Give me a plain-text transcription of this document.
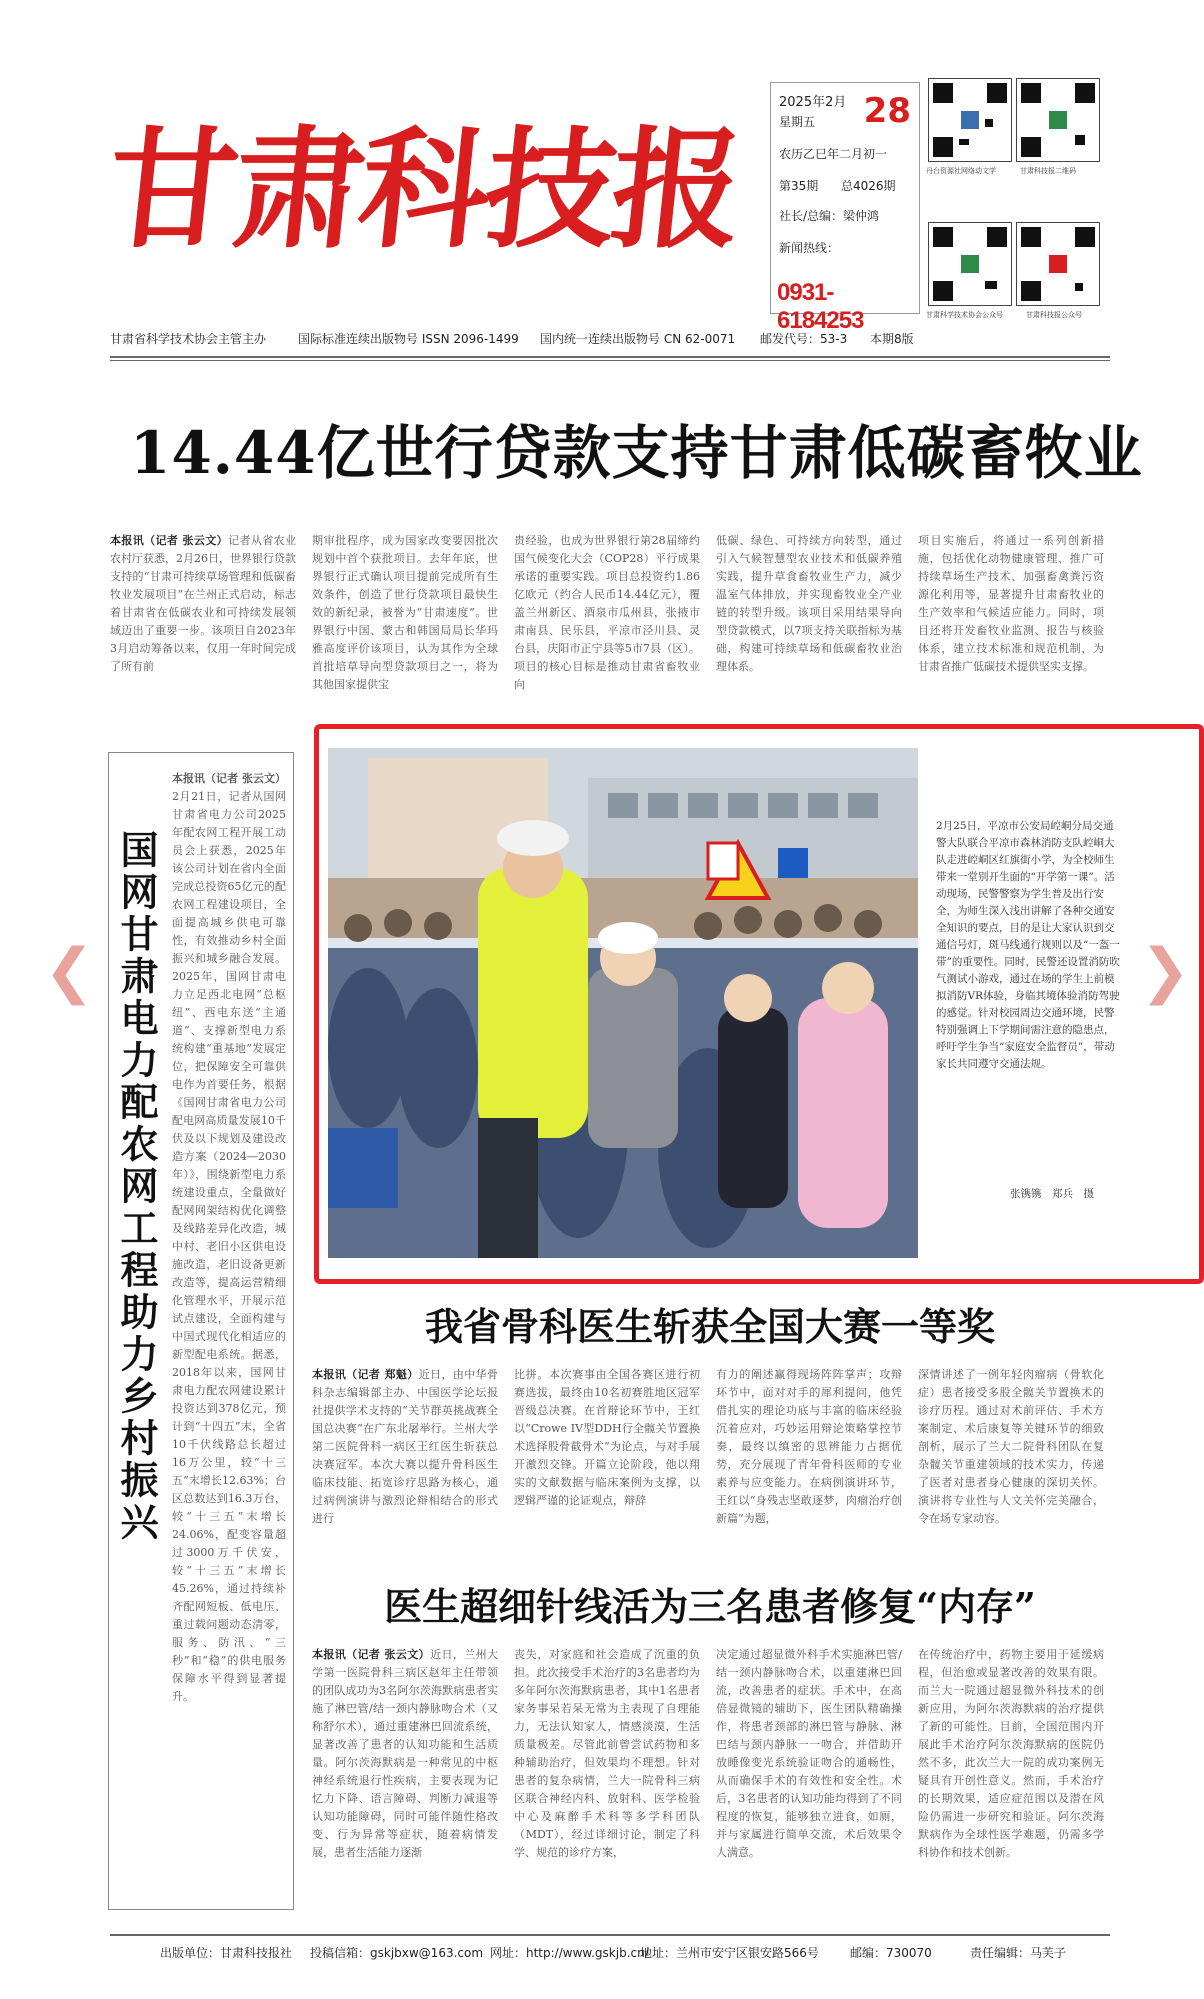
甘肃科技报
2025年2月 28
星期五
农历乙巳年二月初一
第35期 总4026期
社长/总编：梁仲鸿
新闻热线：
0931-6184253
丹台资源社网络动文学	甘肃科技报二维码
甘肃科学技术协会公众号	甘肃科技报公众号
甘肃省科学技术协会主管主办	国际标准连续出版物号 ISSN 2096-1499 国内统一连续出版物号 CN 62-0071 邮发代号：53-3 本期8版
14.44亿世行贷款支持甘肃低碳畜牧业
本报讯（记者 张云文）记者从省农业农村厅获悉，2月26日，世界银行贷款支持的“甘肃可持续草场管理和低碳畜牧业发展项目”在兰州正式启动，标志着甘肃省在低碳农业和可持续发展领域迈出了重要一步。该项目自2023年3月启动筹备以来，仅用一年时间完成了所有前
期审批程序，成为国家改变要因批次规划中首个获批项目。去年年底，世界银行正式确认项目提前完成所有生效条件，创造了世行贷款项目最快生效的新纪录，被誉为“甘肃速度”。世界银行中国、蒙古和韩国局局长华玛雅高度评价该项目，认为其作为全球首批培草导向型贷款项目之一，将为其他国家提供宝
贵经验，也成为世界银行第28届缔约国气候变化大会（COP28）平行成果承诺的重要实践。项目总投资约1.86亿欧元（约合人民币14.44亿元），覆盖兰州新区、酒泉市瓜州县，张掖市肃南县、民乐县，平凉市泾川县、灵台县，庆阳市正宁县等5市7县（区）。项目的核心目标是推动甘肃省畜牧业向
低碳、绿色、可持续方向转型，通过引入气候智慧型农业技术和低碳养殖实践，提升草食畜牧业生产力，减少温室气体排放，并实现畜牧业全产业链的转型升级。该项目采用结果导向型贷款模式，以7项支持关联指标为基础，构建可持续草场和低碳畜牧业治理体系。
项目实施后，将通过一系列创新措施，包括优化动物健康管理、推广可持续草场生产技术、加强畜禽粪污资源化利用等，显著提升甘肃畜牧业的生产效率和气候适应能力。同时，项目还将开发畜牧业监测、报告与核验体系，建立技术标准和规范机制，为甘肃省推广低碳技术提供坚实支撑。
国网甘肃电力配农网工程助力乡村振兴
本报讯（记者 张云文）2月21日，记者从国网甘肃省电力公司2025年配农网工程开展工动员会上获悉，2025年该公司计划在省内全面完成总投资65亿元的配农网工程建设项目，全面提高城乡供电可靠性，有效推动乡村全面振兴和城乡融合发展。2025年，国网甘肃电力立足西北电网“总枢纽”、西电东送“主通道”、支撑新型电力系统构建“重基地”发展定位，把保障安全可靠供电作为首要任务，根据《国网甘肃省电力公司配电网高质量发展10千伏及以下规划及建设改造方案（2024—2030年）》，围绕新型电力系统建设重点，全量做好配网网架结构优化调整及线路差异化改造，城中村、老旧小区供电设施改造，老旧设备更新改造等，提高运营精细化管理水平，开展示范试点建设，全面构建与中国式现代化相适应的新型配电系统。据悉，2018年以来，国网甘肃电力配农网建设累计投资达到378亿元，预计到“十四五”末，全省10千伏线路总长超过16万公里，较“十三五”末增长12.63%；台区总数达到16.3万台，较“十三五”末增长24.06%，配变容量超过3000万千伏安，较“十三五”末增长45.26%，通过持续补齐配网短板、低电压、重过载问题动态清零，服务、防汛、“三秒”和“稳”的供电服务保障水平得到显著提升。
2月25日，平凉市公安局崆峒分局交通警大队联合平凉市森林消防支队崆峒大队走进崆峒区红旗街小学，为全校师生带来一堂别开生面的“开学第一课”。活动现场，民警警察为学生普及出行安全，为师生深入浅出讲解了各种交通安全知识的要点，目的是让大家认识到交通信号灯，斑马线通行规则以及“一盔一带”的重要性。同时，民警还设置消防吹气测试小游戏，通过在场的学生上前模拟消防VR体验，身临其境体验消防驾驶的感觉。针对校园周边交通环境，民警特别强调上下学期间需注意的隐患点，呼吁学生争当“家庭安全监督员”，带动家长共同遵守交通法规。
张镌镌　郑兵　摄
❮	❯
我省骨科医生斩获全国大赛一等奖
本报讯（记者 郑魁）近日，由中华骨科杂志编辑部主办、中国医学论坛报社提供学术支持的“关节群英挑战赛全国总决赛”在广东北屠举行。兰州大学第二医院骨科一病区王红医生斩获总决赛冠军。本次大赛以提升骨科医生临床技能、拓宽诊疗思路为核心，通过病例演讲与激烈论辩相结合的形式进行
比拼。本次赛事由全国各赛区进行初赛选拔，最终由10名初赛胜地区冠军晋级总决赛。在首辩论环节中，王红以“Crowe IV型DDH行全髋关节置换术选择股骨截骨术”为论点，与对手展开激烈交锋。开篇立论阶段，他以翔实的文献数据与临床案例为支撑，以逻辑严谨的论证观点，辩辞
有力的阐述赢得现场阵阵掌声；攻辩环节中，面对对手的犀利提问，他凭借扎实的理论功底与丰富的临床经验沉着应对，巧妙运用辩论策略掌控节奏，最终以缜密的思辨能力占据优势，充分展现了青年骨科医师的专业素养与应变能力。在病例演讲环节，王红以“身残志坚敢逐梦，肉瘤治疗创新篇”为题，
深情讲述了一例年轻肉瘤病（骨软化症）患者接受多股全髋关节置换术的诊疗历程。通过对术前评估、手术方案制定、术后康复等关键环节的细致剖析，展示了兰大二院骨科团队在复杂髋关节重建领域的技术实力，传递了医者对患者身心健康的深切关怀。演讲将专业性与人文关怀完美融合，令在场专家动容。
医生超细针线活为三名患者修复“内存”
本报讯（记者 张云文）近日，兰州大学第一医院骨科三病区赵年主任带领的团队成功为3名阿尔茨海默病患者实施了淋巴管/结一颈内静脉吻合术（又称舒尔术），通过重建淋巴回流系统，显著改善了患者的认知功能和生活质量。阿尔茨海默病是一种常见的中枢神经系统退行性疾病，主要表现为记忆力下降、语言障碍、判断力减退等认知功能障碍，同时可能伴随性格改变、行为异常等症状，随着病情发展，患者生活能力逐渐
丧失，对家庭和社会造成了沉重的负担。此次接受手术治疗的3名患者均为多年阿尔茨海默病患者，其中1名患者家务事呆若呆无常为主表现了自理能力，无法认知家人，情感淡漠，生活质量极差。尽管此前曾尝试药物和多种辅助治疗，但效果均不理想。针对患者的复杂病情，兰大一院骨科三病区联合神经内科、放射科、医学检验中心及麻醉手术科等多学科团队（MDT），经过详细讨论，制定了科学、规范的诊疗方案，
决定通过超显微外科手术实施淋巴管/结一颈内静脉吻合术，以重建淋巴回流，改善患者的症状。手术中，在高倍显微镜的辅助下，医生团队精确操作，将患者颈部的淋巴管与静脉、淋巴结与颈内静脉一一吻合，并借助开放睡像变光系统验证吻合的通畅性，从而确保手术的有效性和安全性。术后，3名患者的认知功能均得到了不同程度的恢复，能够独立进食，如厕，并与家属进行简单交流，术后效果令人满意。
在传统治疗中，药物主要用于延缓病程，但治愈或显著改善的效果有限。而兰大一院通过超显微外科技术的创新应用，为阿尔茨海默病的治疗提供了新的可能性。目前，全国范围内开展此手术治疗阿尔茨海默病的医院仍然不多，此次兰大一院的成功案例无疑具有开创性意义。然而，手术治疗的长期效果，适应症范围以及潜在风险仍需进一步研究和验证。阿尔茨海默病作为全球性医学难题，仍需多学科协作和技术创新。
出版单位：甘肃科技报社 投稿信箱：gskjbxw@163.com 网址：http://www.gskjb.cn/
地址：兰州市安宁区银安路566号	邮编：730070	责任编辑：马芙子
